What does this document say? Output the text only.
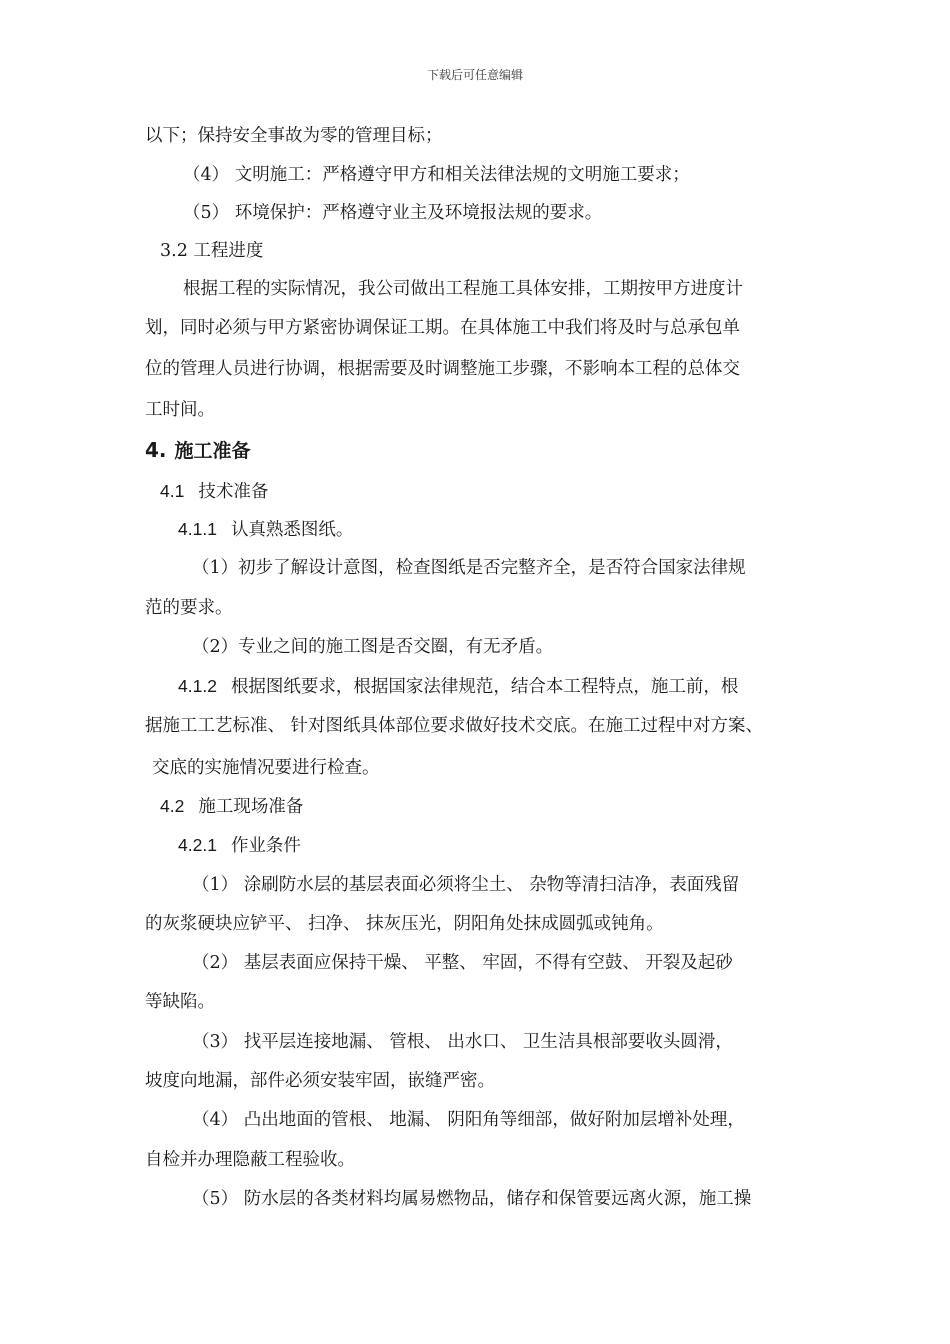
下载后可任意编辑
以下；保持安全事故为零的管理目标；
（4） 文明施工：严格遵守甲方和相关法律法规的文明施工要求；
（5） 环境保护：严格遵守业主及环境报法规的要求。
3.2 工程进度
根据工程的实际情况，我公司做出工程施工具体安排，工期按甲方进度计
划，同时必须与甲方紧密协调保证工期。在具体施工中我们将及时与总承包单
位的管理人员进行协调，根据需要及时调整施工步骤，不影响本工程的总体交
工时间。
4. 施工准备
4.1 技术准备
4.1.1 认真熟悉图纸。
（1）初步了解设计意图，检查图纸是否完整齐全，是否符合国家法律规
范的要求。
（2）专业之间的施工图是否交圈，有无矛盾。
4.1.2 根据图纸要求，根据国家法律规范，结合本工程特点，施工前，根
据施工工艺标准、 针对图纸具体部位要求做好技术交底。在施工过程中对方案、
交底的实施情况要进行检查。
4.2 施工现场准备
4.2.1 作业条件
（1） 涂刷防水层的基层表面必须将尘土、 杂物等清扫洁净，表面残留
的灰浆硬块应铲平、 扫净、 抹灰压光，阴阳角处抹成圆弧或钝角。
（2） 基层表面应保持干燥、 平整、 牢固，不得有空鼓、 开裂及起砂
等缺陷。
（3） 找平层连接地漏、 管根、 出水口、 卫生洁具根部要收头圆滑，
坡度向地漏，部件必须安装牢固，嵌缝严密。
（4） 凸出地面的管根、 地漏、 阴阳角等细部，做好附加层增补处理，
自检并办理隐蔽工程验收。
（5） 防水层的各类材料均属易燃物品，储存和保管要远离火源，施工操
